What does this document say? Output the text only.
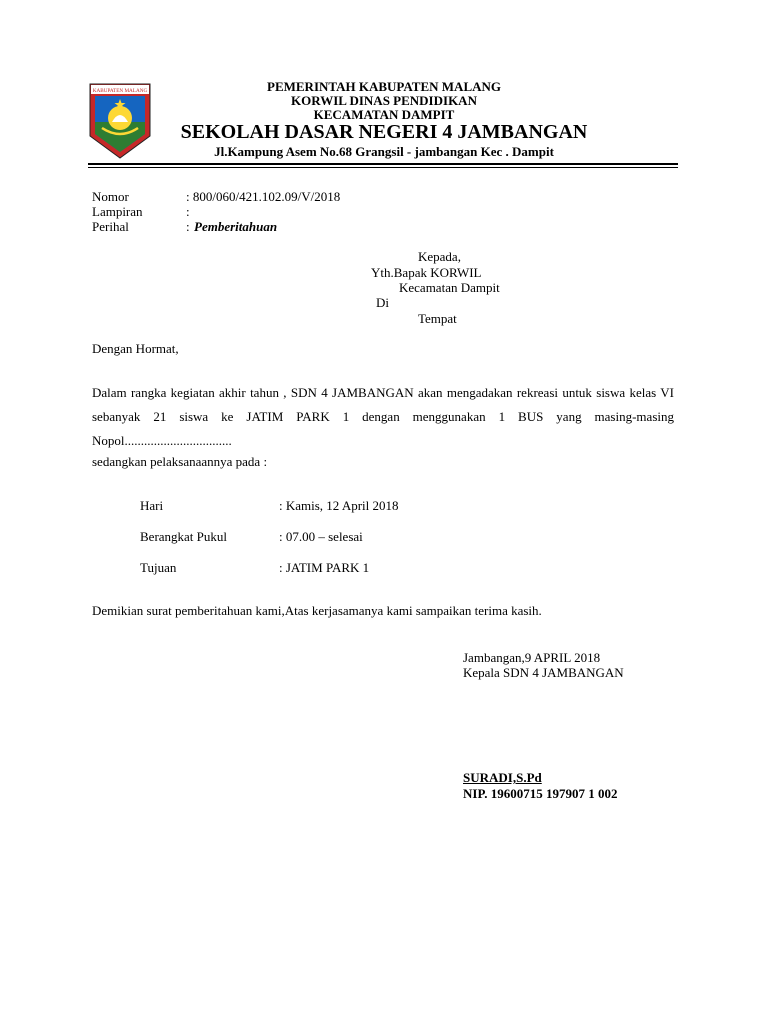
KABUPATEN MALANG	PEMERINTAH KABUPATEN MALANG
KORWIL DINAS PENDIDIKAN
KECAMATAN DAMPIT
SEKOLAH DASAR NEGERI 4 JAMBANGAN
Jl.Kampung Asem No.68 Grangsil - jambangan Kec . Dampit
Nomor	: 800/060/421.102.09/V/2018
Lampiran	:
Perihal	: Pemberitahuan
Kepada,
Yth.Bapak KORWIL
Kecamatan Dampit
Di
Tempat
Dengan Hormat,
Dalam rangka kegiatan akhir tahun , SDN 4 JAMBANGAN akan mengadakan rekreasi untuk siswa kelas VI sebanyak 21 siswa ke JATIM PARK 1 dengan menggunakan 1 BUS yang masing-masing Nopol.................................
sedangkan pelaksanaannya pada :
Hari	: Kamis, 12 April 2018
Berangkat Pukul	: 07.00 – selesai
Tujuan	: JATIM PARK 1
Demikian surat pemberitahuan kami,Atas kerjasamanya kami sampaikan terima kasih.
Jambangan,9 APRIL 2018
Kepala SDN 4 JAMBANGAN
SURADI,S.Pd
NIP. 19600715 197907 1 002
